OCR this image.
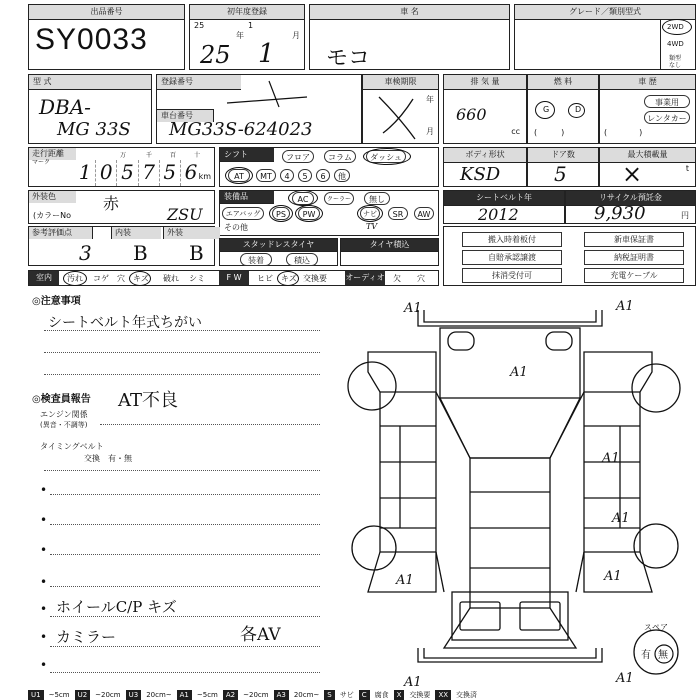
出品番号
SY0033
初年度登録
25
年
1
月
25 1
車 名
モコ
グレード／類別型式
2WD
4WD
類型
なし
型 式
DBA-
MG 33S
登録番号
車台番号
MG33S-624023
車検期限
年
月
排 気 量
660
cc
燃 料
G	D
(　　　)
車 歴
事業用
レンタカー
(　　　　)
走行距離
マーク
万	千	百	十
km
1 0 5 7 5 6
シフト	フロア	コラム	ダッシュ
AT	MT	4	5	6	他
ボディ形状
KSD
ドア数
5
最大積載量
×	t
外装色	赤
(カラーNo	ZSU
装備品	AC	クーラー	無し
エアバッグ	PS	PW	ナビ	SR	AW
その他	TV
シートベルト年
2012
リサイクル預託金
9,930	円
参考評価点	内装	外装
3 B B	スタッドレスタイヤ
装着	積込
タイヤ積込
搬入時着板付	新車保証書
自賠承認譲渡	納税証明書
抹消受付可	充電ケーブル
室内	汚れ コゲ 穴 キズ 破れ シミ	F W	ヒビ キズ 交換要 オーディオ 欠 穴
◎注意事項
シートベルト年式ちがい
◎検査員報告 AT不良
エンジン関係
(異音・不調等)
タイミングベルト
交換　有・無
•
•
•
•
• ホイールC/P キズ
• カミラー	各AV
•
A1	A1
A1
A1
A1
A1
A1
A1	A1
スペア
有 無
U1	~5cm	U2	~20cm	U3	20cm~	A1	~5cm	A2	~20cm	A3	20cm~	S	サビ	C	腐食	X	交換要	XX	交換済
